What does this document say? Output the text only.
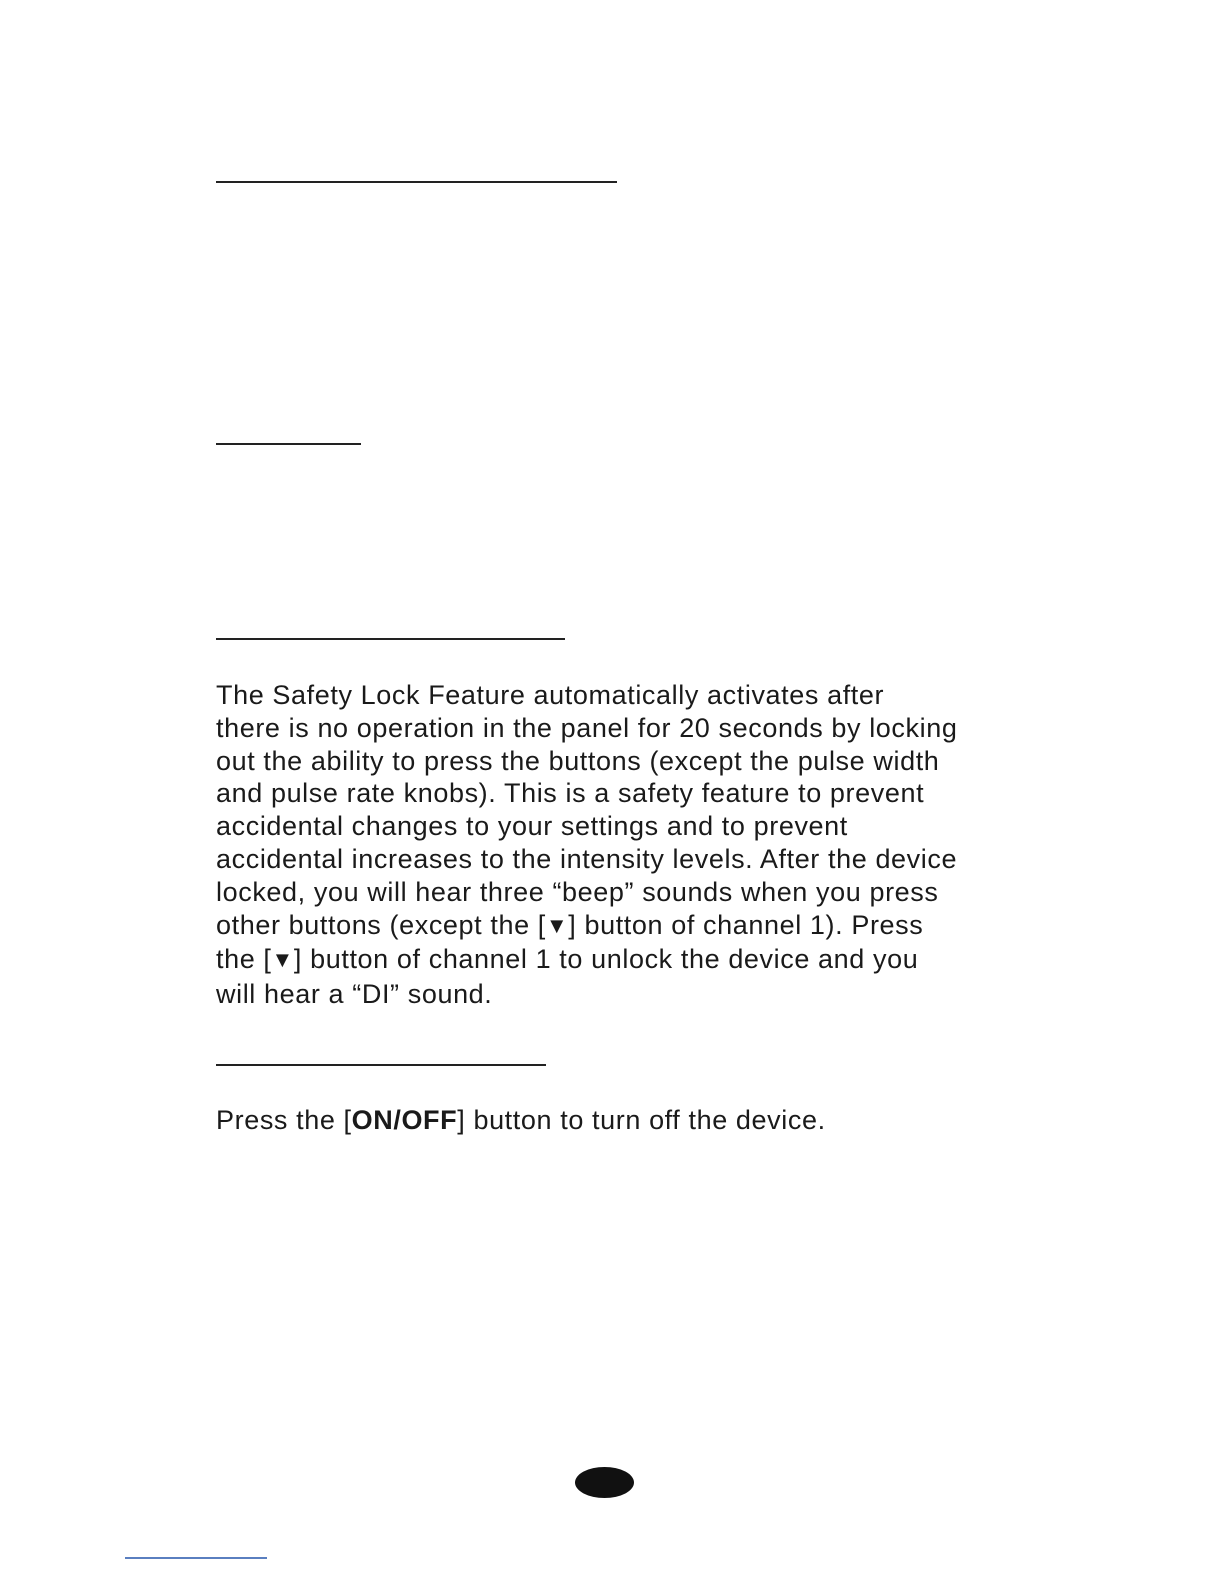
The Safety Lock Feature automatically activates after
there is no operation in the panel for 20 seconds by locking
out the ability to press the buttons (except the pulse width
and pulse rate knobs). This is a safety feature to prevent
accidental changes to your settings and to prevent
accidental increases to the intensity levels. After the device
locked, you will hear three “beep” sounds when you press
other buttons (except the [▼] button of channel 1). Press
the [▼] button of channel 1 to unlock the device and you
will hear a “DI” sound.

Press the [ON/OFF] button to turn off the device.
